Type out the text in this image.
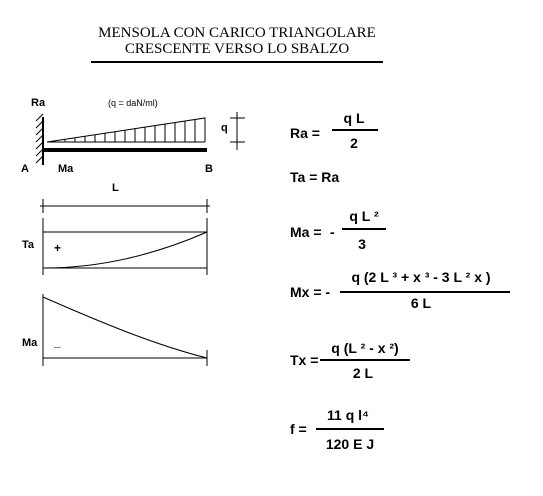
MENSOLA CON CARICO TRIANGOLARE
CRESCENTE VERSO LO SBALZO
Ra	(q = daN/ml)
q
A	Ma	B
L
Ta +
Ma _
Ra =
q L
2
Ta = Ra
Ma = -
q L ²
3
Mx = -
q (2 L ³ + x ³ - 3 L ² x )
6 L
Tx =
q (L ² - x ²)
2 L
f =
11 q l⁴
120 E J
